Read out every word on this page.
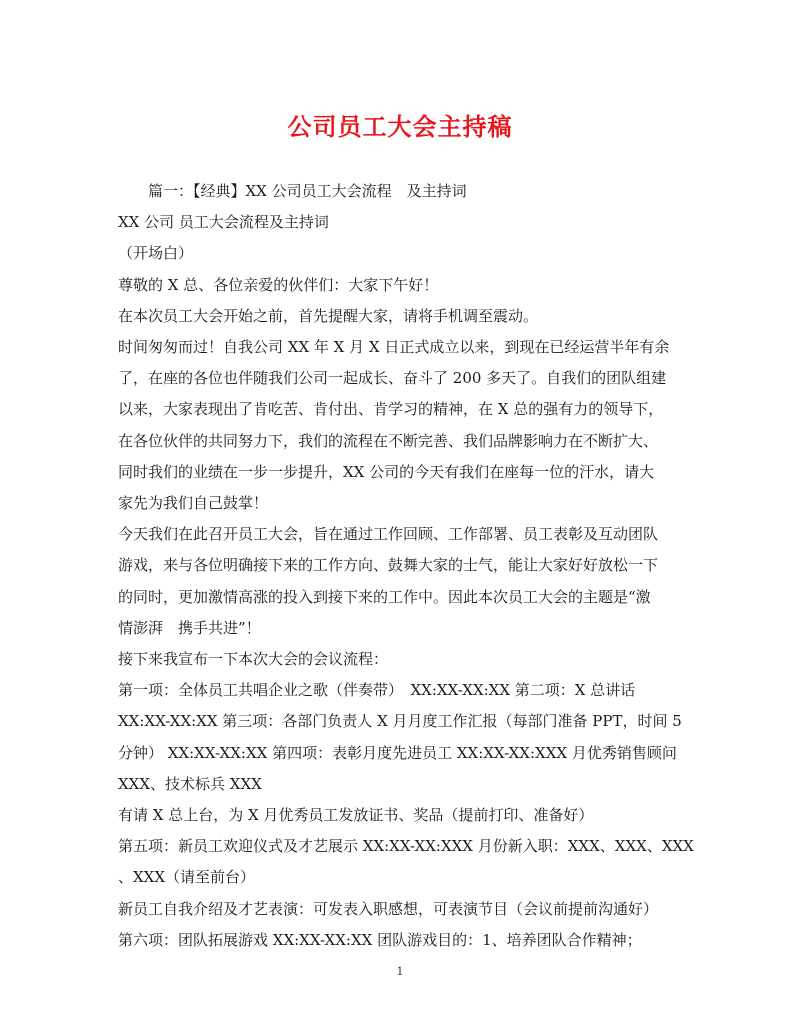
公司员工大会主持稿
篇一：【经典】XX 公司员工大会流程　及主持词
XX 公司 员工大会流程及主持词
（开场白）
尊敬的 X 总、各位亲爱的伙伴们：大家下午好！
在本次员工大会开始之前，首先提醒大家，请将手机调至震动。
时间匆匆而过！自我公司 XX 年 X 月 X 日正式成立以来，到现在已经运营半年有余
了，在座的各位也伴随我们公司一起成长、奋斗了 200 多天了。自我们的团队组建
以来，大家表现出了肯吃苦、肯付出、肯学习的精神，在 X 总的强有力的领导下，
在各位伙伴的共同努力下，我们的流程在不断完善、我们品牌影响力在不断扩大、
同时我们的业绩在一步一步提升，XX 公司的今天有我们在座每一位的汗水，请大
家先为我们自己鼓掌！
今天我们在此召开员工大会，旨在通过工作回顾、工作部署、员工表彰及互动团队
游戏，来与各位明确接下来的工作方向、鼓舞大家的士气，能让大家好好放松一下
的同时，更加激情高涨的投入到接下来的工作中。因此本次员工大会的主题是“激
情澎湃　携手共进”！
接下来我宣布一下本次大会的会议流程：
第一项：全体员工共唱企业之歌（伴奏带）　XX:XX-XX:XX 第二项：X 总讲话
XX:XX-XX:XX 第三项：各部门负责人 X 月月度工作汇报（每部门准备 PPT，时间 5
分钟） XX:XX-XX:XX 第四项：表彰月度先进员工 XX:XX-XX:XXX 月优秀销售顾问
XXX、技术标兵 XXX
有请 X 总上台，为 X 月优秀员工发放证书、奖品（提前打印、准备好）
第五项：新员工欢迎仪式及才艺展示 XX:XX-XX:XXX 月份新入职：XXX、XXX、XXX
、XXX（请至前台）
新员工自我介绍及才艺表演：可发表入职感想，可表演节目（会议前提前沟通好）
第六项：团队拓展游戏 XX:XX-XX:XX 团队游戏目的：1、培养团队合作精神；
1
